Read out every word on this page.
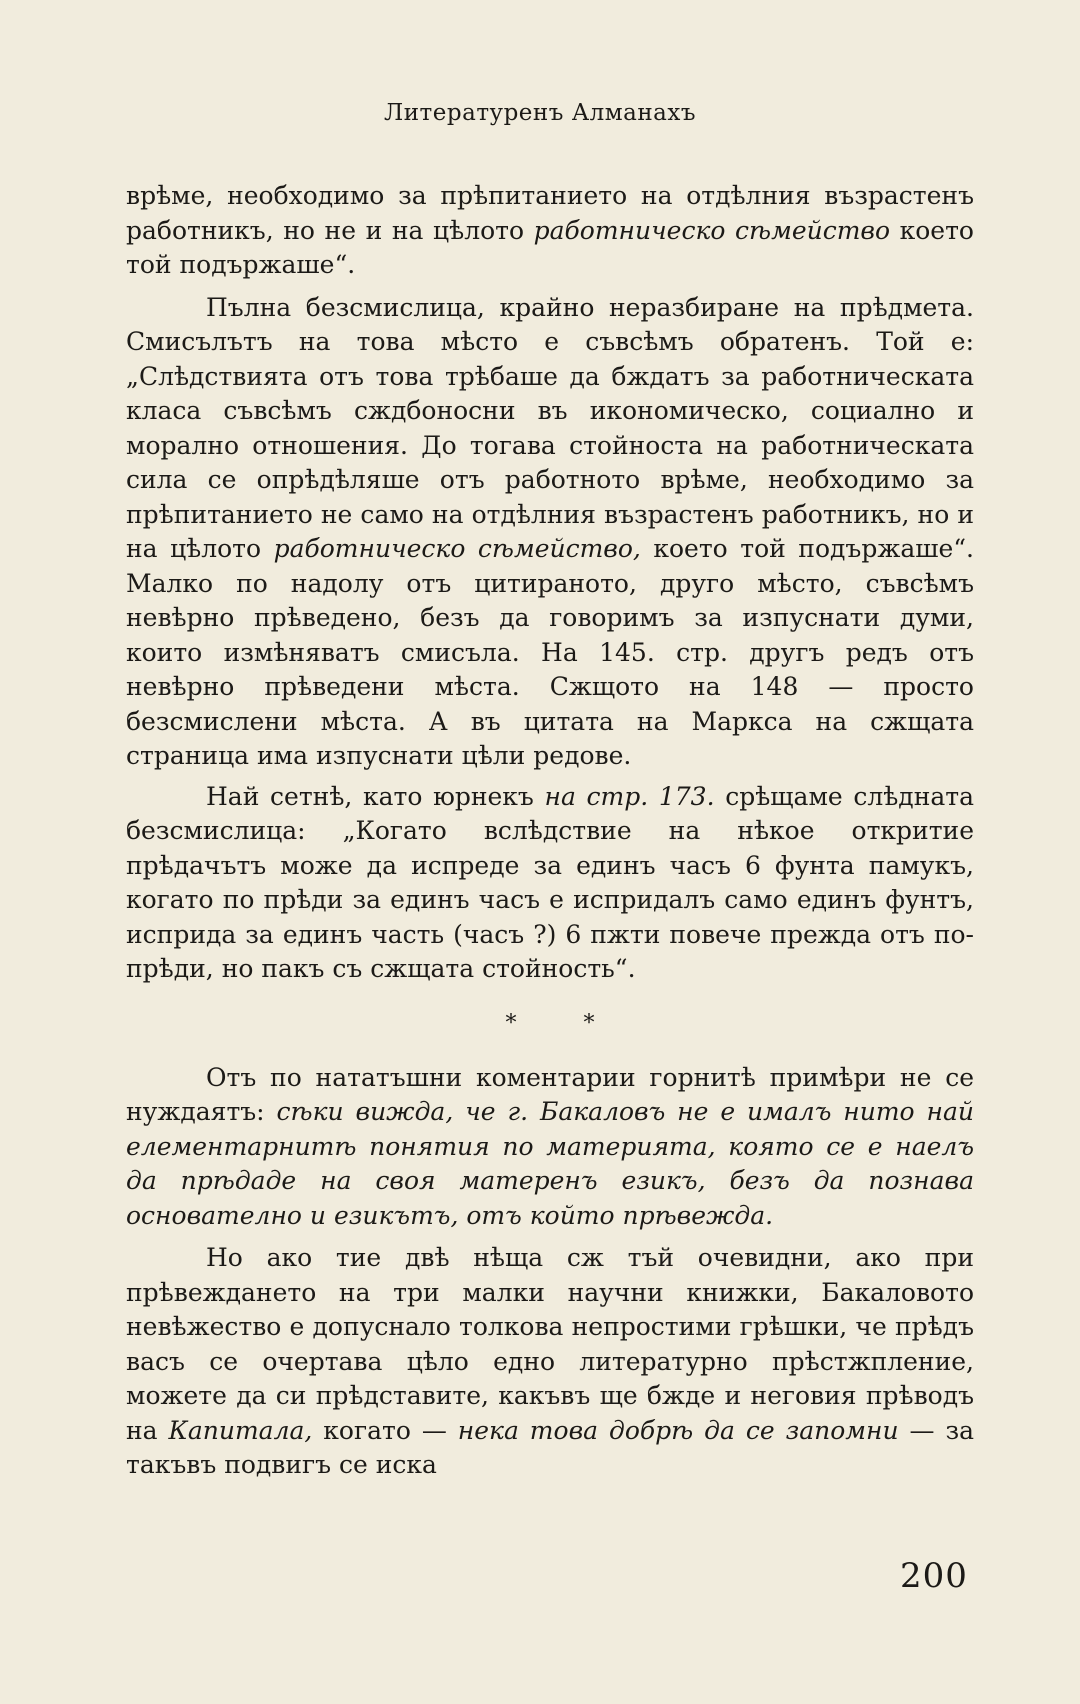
Литературенъ Алманахъ

врѣме, необходимо за прѣпитанието на отдѣлния възрастенъ работникъ, но не и на цѣлото работническо сѣмейство което той подържаше“.

Пълна безсмислица, крайно неразбиране на прѣдмета. Смисълътъ на това мѣсто е съвсѣмъ обратенъ. Той е: „Слѣдствията отъ това трѣбаше да бждатъ за работническата класа съвсѣмъ сждбоносни въ икономическо, социално и морално отношения. До тогава стойноста на работническата сила се опрѣдѣляше отъ работното врѣме, необходимо за прѣпитанието не само на отдѣлния възрастенъ работникъ, но и на цѣлото работническо сѣмейство, което той подържаше“. Малко по надолу отъ цитираното, друго мѣсто, съвсѣмъ невѣрно прѣведено, безъ да говоримъ за изпуснати думи, които измѣняватъ смисъла. На 145. стр. другъ редъ отъ невѣрно прѣведени мѣста. Сжщото на 148 — просто безсмислени мѣста. А въ цитата на Маркса на сжщата страница има изпуснати цѣли редове.

Най сетнѣ, като юрнекъ на стр. 173. срѣщаме слѣдната безсмислица: „Когато вслѣдствие на нѣкое откритие прѣдачътъ може да испреде за единъ часъ 6 фунта памукъ, когато по прѣди за единъ часъ е испридалъ само единъ фунтъ, исприда за единъ часть (часъ ?) 6 пжти повече прежда отъ по-прѣди, но пакъ съ сжщата стойность“.

* *

Отъ по нататъшни коментарии горнитѣ примѣри не се нуждаятъ: сѣки вижда, че г. Бакаловъ не е ималъ нито най елементарнитѣ понятия по материята, която се е наелъ да прѣдаде на своя матеренъ езикъ, безъ да познава основателно и езикътъ, отъ който прѣвежда.

Но ако тие двѣ нѣща сж тъй очевидни, ако при прѣвеждането на три малки научни книжки, Бакаловото невѣжество е допуснало толкова непростими грѣшки, че прѣдъ васъ се очертава цѣло едно литературно прѣстжпление, можете да си прѣдставите, какъвъ ще бжде и неговия прѣводъ на Капитала, когато — нека това добрѣ да се запомни — за такъвъ подвигъ се иска

200
